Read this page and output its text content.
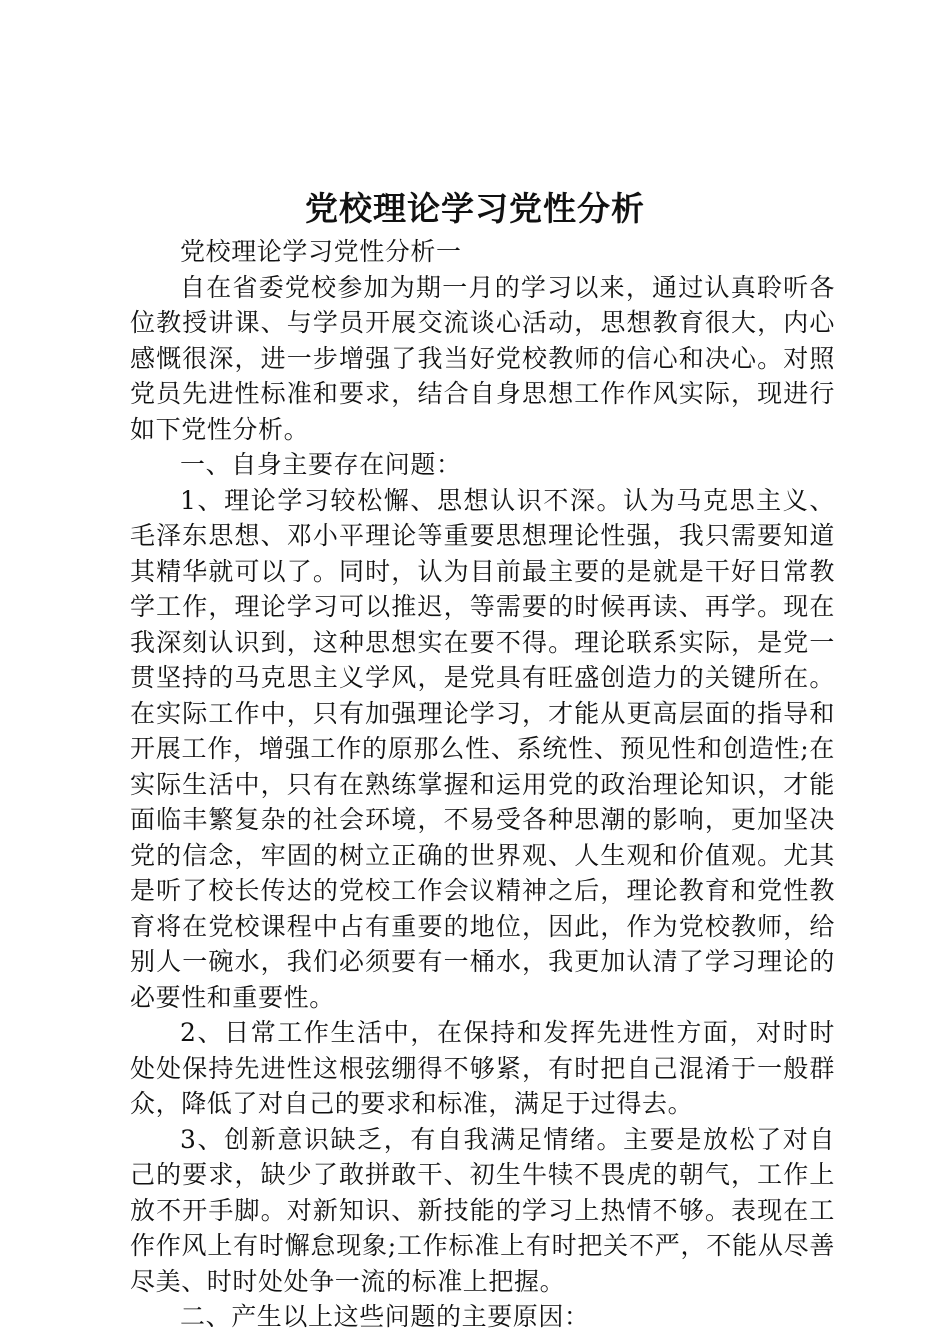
党校理论学习党性分析

党校理论学习党性分析一

自在省委党校参加为期一月的学习以来，通过认真聆听各位教授讲课、与学员开展交流谈心活动，思想教育很大，内心感慨很深，进一步增强了我当好党校教师的信心和决心。对照党员先进性标准和要求，结合自身思想工作作风实际，现进行如下党性分析。

一、自身主要存在问题：

1、理论学习较松懈、思想认识不深。认为马克思主义、毛泽东思想、邓小平理论等重要思想理论性强，我只需要知道其精华就可以了。同时，认为目前最主要的是就是干好日常教学工作，理论学习可以推迟，等需要的时候再读、再学。现在我深刻认识到，这种思想实在要不得。理论联系实际，是党一贯坚持的马克思主义学风，是党具有旺盛创造力的关键所在。在实际工作中，只有加强理论学习，才能从更高层面的指导和开展工作，增强工作的原那么性、系统性、预见性和创造性;在实际生活中，只有在熟练掌握和运用党的政治理论知识，才能面临丰繁复杂的社会环境，不易受各种思潮的影响，更加坚决党的信念，牢固的树立正确的世界观、人生观和价值观。尤其是听了校长传达的党校工作会议精神之后，理论教育和党性教育将在党校课程中占有重要的地位，因此，作为党校教师，给别人一碗水，我们必须要有一桶水，我更加认清了学习理论的必要性和重要性。

2、日常工作生活中，在保持和发挥先进性方面，对时时处处保持先进性这根弦绷得不够紧，有时把自己混淆于一般群众，降低了对自己的要求和标准，满足于过得去。

3、创新意识缺乏，有自我满足情绪。主要是放松了对自己的要求，缺少了敢拼敢干、初生牛犊不畏虎的朝气，工作上放不开手脚。对新知识、新技能的学习上热情不够。表现在工作作风上有时懈怠现象;工作标准上有时把关不严，不能从尽善尽美、时时处处争一流的标准上把握。

二、产生以上这些问题的主要原因：
